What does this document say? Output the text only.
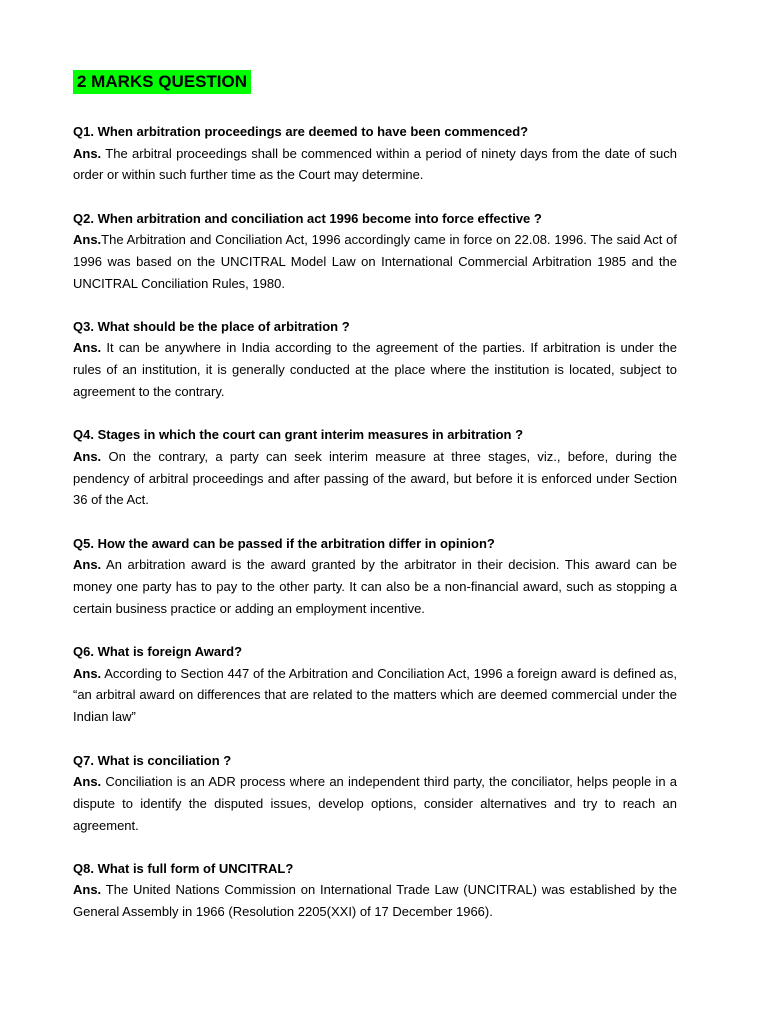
2 MARKS QUESTION

Q1. When arbitration proceedings are deemed to have been commenced?

Ans. The arbitral proceedings shall be commenced within a period of ninety days from the date of such order or within such further time as the Court may determine.

Q2. When arbitration and conciliation act 1996 become into force effective ?

Ans.The Arbitration and Conciliation Act, 1996 accordingly came in force on 22.08. 1996. The said Act of 1996 was based on the UNCITRAL Model Law on International Commercial Arbitration 1985 and the UNCITRAL Conciliation Rules, 1980.

Q3. What should be the place of arbitration ?

Ans. It can be anywhere in India according to the agreement of the parties. If arbitration is under the rules of an institution, it is generally conducted at the place where the institution is located, subject to agreement to the contrary.

Q4. Stages in which the court can grant interim measures in arbitration ?

Ans. On the contrary, a party can seek interim measure at three stages, viz., before, during the pendency of arbitral proceedings and after passing of the award, but before it is enforced under Section 36 of the Act.

Q5. How the award can be passed if the arbitration differ in opinion?

Ans. An arbitration award is the award granted by the arbitrator in their decision. This award can be money one party has to pay to the other party. It can also be a non-financial award, such as stopping a certain business practice or adding an employment incentive.

Q6. What is foreign Award?

Ans. According to Section 447 of the Arbitration and Conciliation Act, 1996 a foreign award is defined as, “an arbitral award on differences that are related to the matters which are deemed commercial under the Indian law”

Q7. What is conciliation ?

Ans. Conciliation is an ADR process where an independent third party, the conciliator, helps people in a dispute to identify the disputed issues, develop options, consider alternatives and try to reach an agreement.

Q8. What is full form of UNCITRAL?

Ans. The United Nations Commission on International Trade Law (UNCITRAL) was established by the General Assembly in 1966 (Resolution 2205(XXI) of 17 December 1966).
